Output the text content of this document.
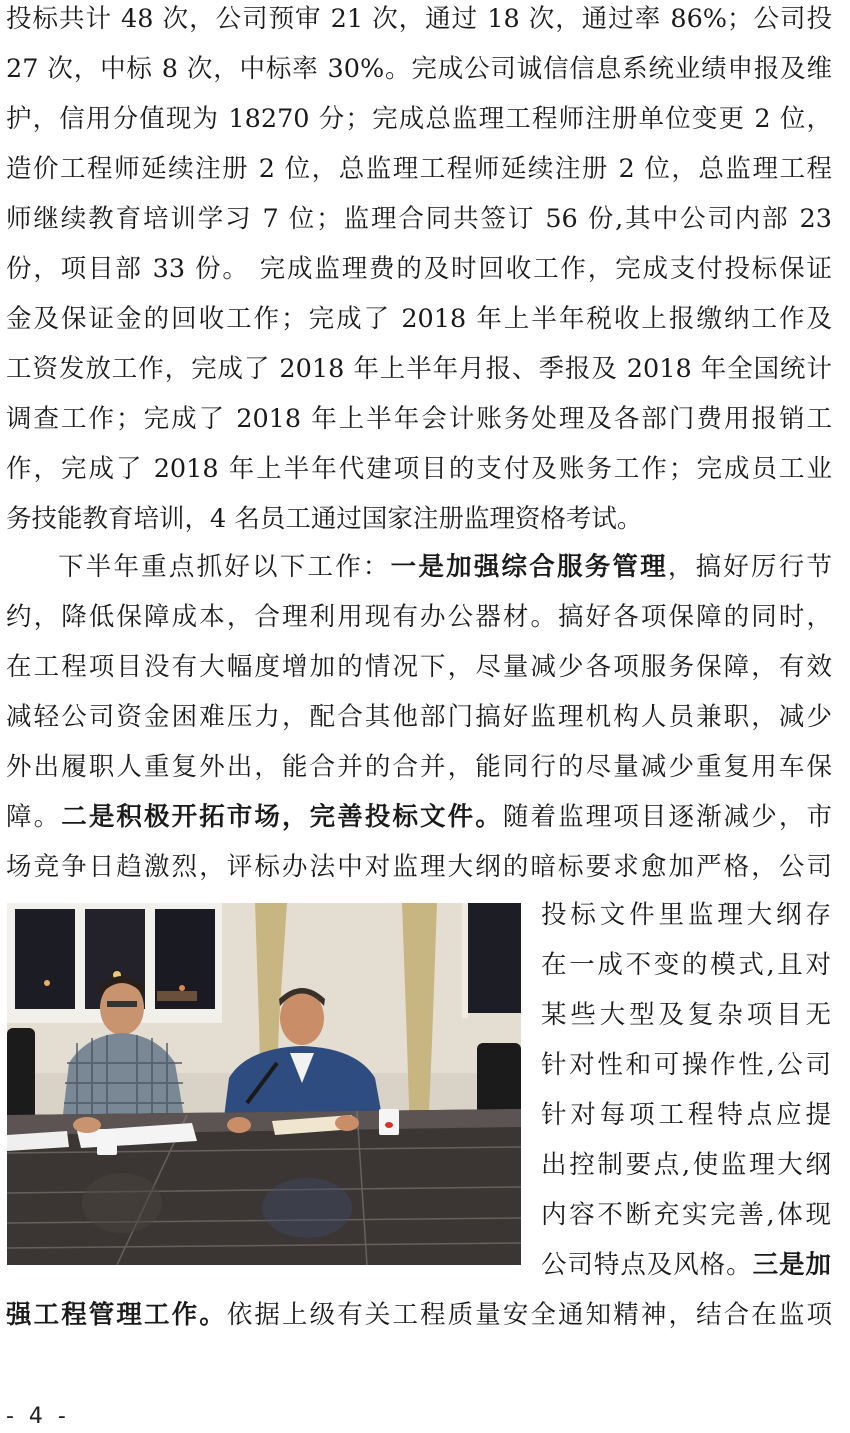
投标共计 48 次，公司预审 21 次，通过 18 次，通过率 86%；公司投
27 次，中标 8 次，中标率 30%。完成公司诚信信息系统业绩申报及维
护，信用分值现为 18270 分；完成总监理工程师注册单位变更 2 位，
造价工程师延续注册 2 位，总监理工程师延续注册 2 位，总监理工程
师继续教育培训学习 7 位；监理合同共签订 56 份,其中公司内部 23
份，项目部 33 份。 完成监理费的及时回收工作，完成支付投标保证
金及保证金的回收工作；完成了 2018 年上半年税收上报缴纳工作及
工资发放工作，完成了 2018 年上半年月报、季报及 2018 年全国统计
调查工作；完成了 2018 年上半年会计账务处理及各部门费用报销工
作，完成了 2018 年上半年代建项目的支付及账务工作；完成员工业
务技能教育培训，4 名员工通过国家注册监理资格考试。
下半年重点抓好以下工作：一是加强综合服务管理，搞好厉行节
约，降低保障成本，合理利用现有办公器材。搞好各项保障的同时，
在工程项目没有大幅度增加的情况下，尽量减少各项服务保障，有效
减轻公司资金困难压力，配合其他部门搞好监理机构人员兼职，减少
外出履职人重复外出，能合并的合并，能同行的尽量减少重复用车保
障。二是积极开拓市场，完善投标文件。随着监理项目逐渐减少，市
场竞争日趋激烈，评标办法中对监理大纲的暗标要求愈加严格，公司
投标文件里监理大纲存
在一成不变的模式,且对
某些大型及复杂项目无
针对性和可操作性,公司
针对每项工程特点应提
出控制要点,使监理大纲
内容不断充实完善,体现
公司特点及风格。三是加
强工程管理工作。依据上级有关工程质量安全通知精神，结合在监项
- 4 -
